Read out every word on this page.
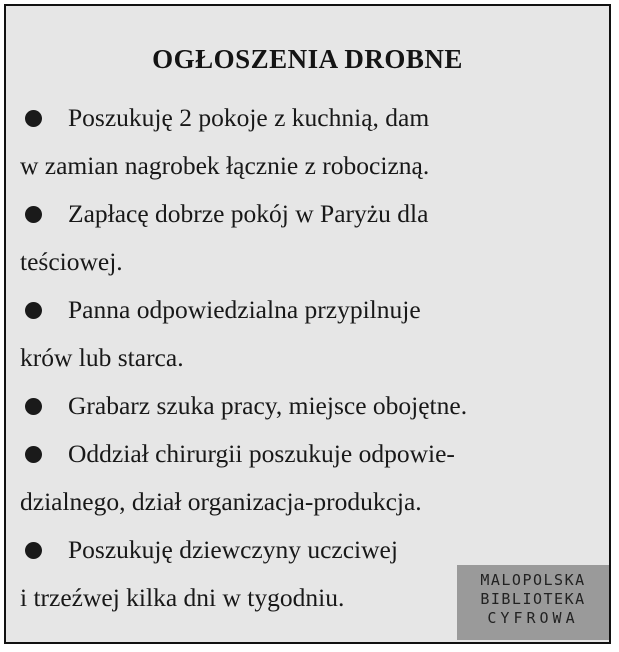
OGŁOSZENIA DROBNE
Poszukuję 2 pokoje z kuchnią, dam
w zamian nagrobek łącznie z robocizną.
Zapłacę dobrze pokój w Paryżu dla
teściowej.
Panna odpowiedzialna przypilnuje
krów lub starca.
Grabarz szuka pracy, miejsce obojętne.
Oddział chirurgii poszukuje odpowie-
dzialnego, dział organizacja-produkcja.
Poszukuję dziewczyny uczciwej
i trzeźwej kilka dni w tygodniu.
MALOPOLSKA
BIBLIOTEKA
CYFROWA
